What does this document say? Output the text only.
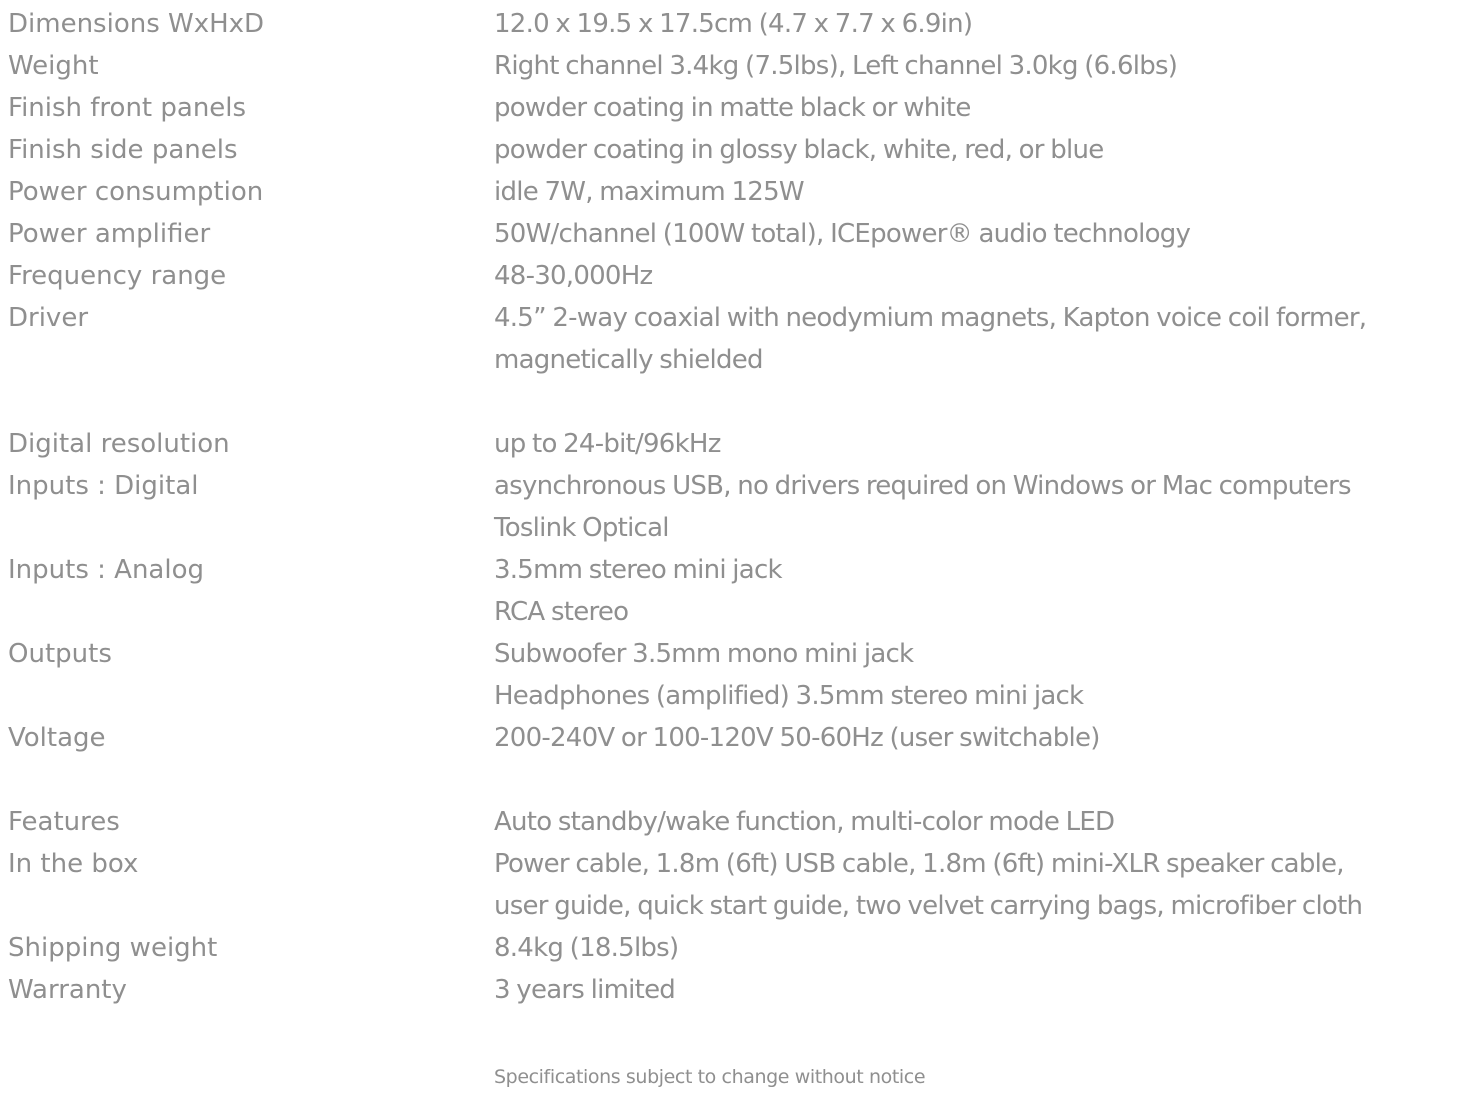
Dimensions WxHxD	12.0 x 19.5 x 17.5cm (4.7 x 7.7 x 6.9in)
Weight	Right channel 3.4kg (7.5lbs), Left channel 3.0kg (6.6lbs)
Finish front panels	powder coating in matte black or white
Finish side panels	powder coating in glossy black, white, red, or blue
Power consumption	idle 7W, maximum 125W
Power amplifier	50W/channel (100W total), ICEpower® audio technology
Frequency range	48-30,000Hz
Driver	4.5” 2-way coaxial with neodymium magnets, Kapton voice coil former,
magnetically shielded
Digital resolution	up to 24-bit/96kHz
Inputs : Digital	asynchronous USB, no drivers required on Windows or Mac computers
Toslink Optical
Inputs : Analog	3.5mm stereo mini jack
RCA stereo
Outputs	Subwoofer 3.5mm mono mini jack
Headphones (amplified) 3.5mm stereo mini jack
Voltage	200-240V or 100-120V 50-60Hz (user switchable)
Features	Auto standby/wake function, multi-color mode LED
In the box	Power cable, 1.8m (6ft) USB cable, 1.8m (6ft) mini-XLR speaker cable,
user guide, quick start guide, two velvet carrying bags, microfiber cloth
Shipping weight	8.4kg (18.5lbs)
Warranty	3 years limited
Specifications subject to change without notice
